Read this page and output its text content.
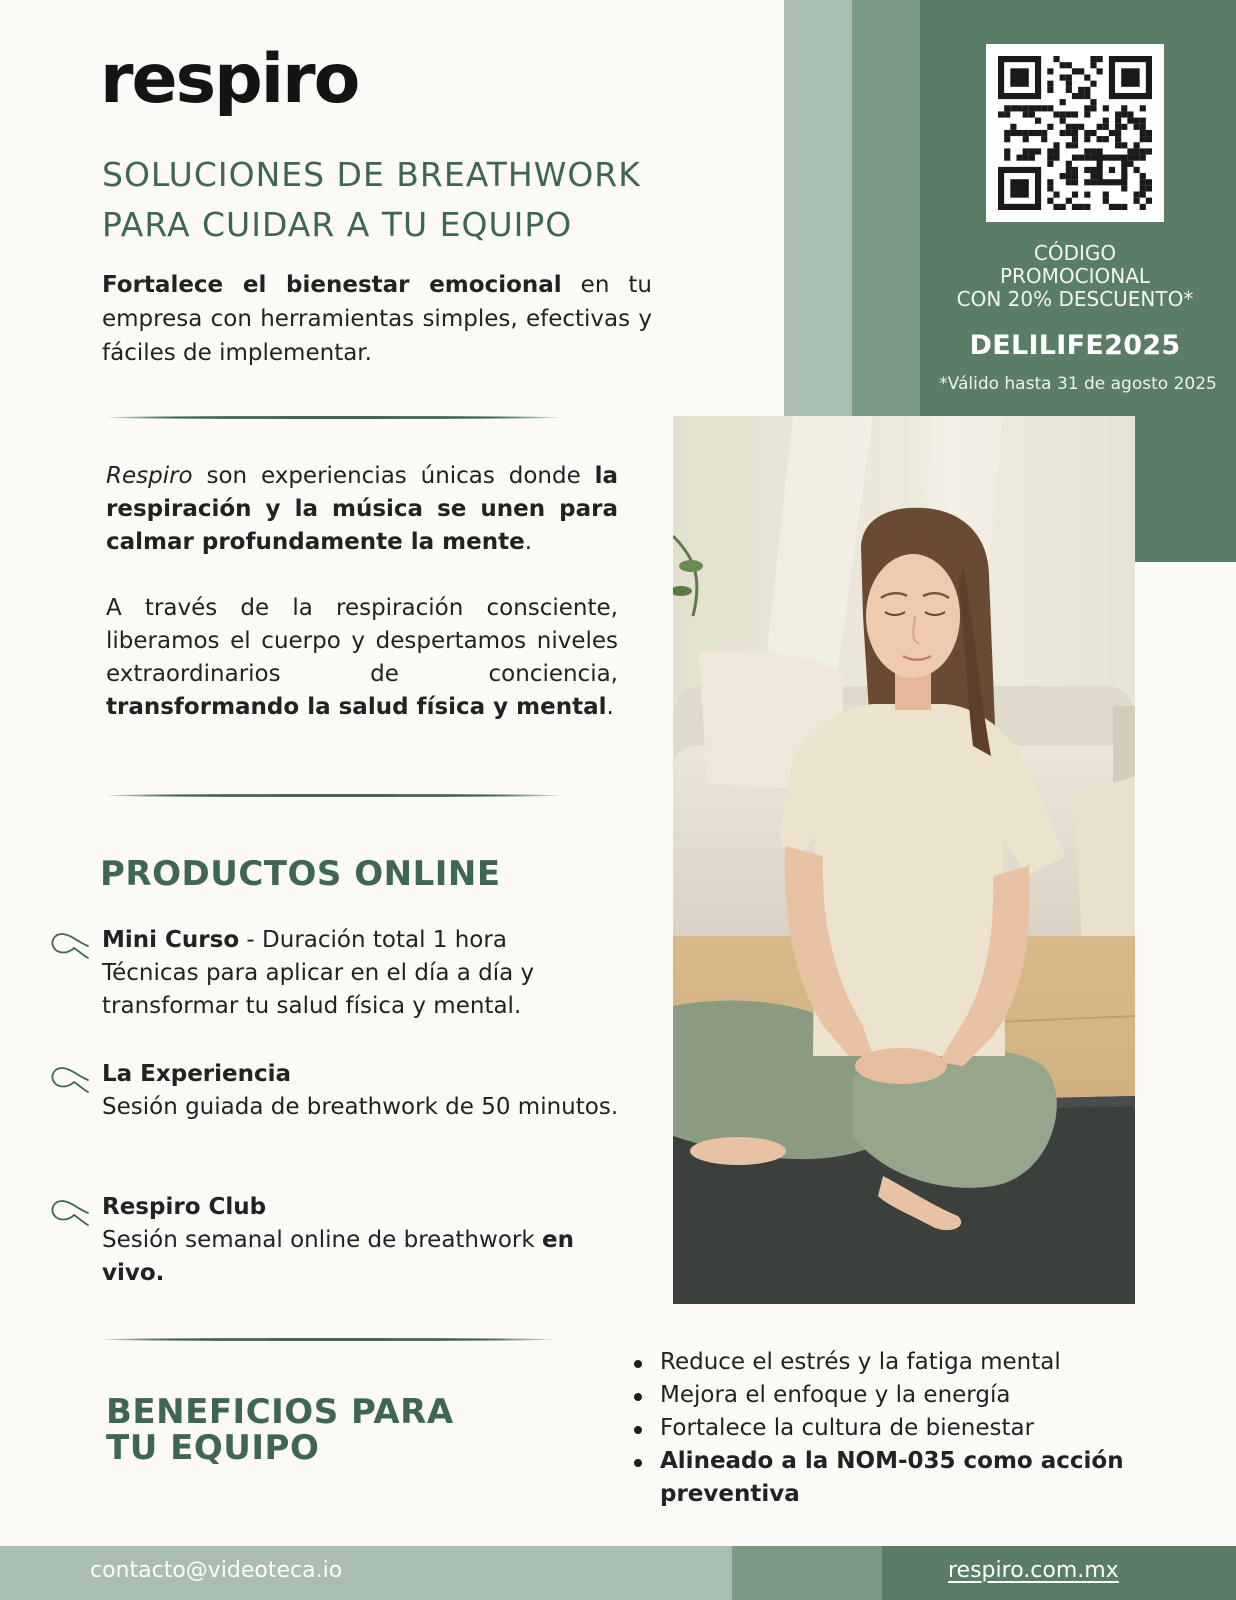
respiro
SOLUCIONES DE BREATHWORK
PARA CUIDAR A TU EQUIPO

Fortalece el bienestar emocional en tu empresa con herramientas simples, efectivas y fáciles de implementar.

Respiro son experiencias únicas donde la respiración y la música se unen para calmar profundamente la mente.

A través de la respiración consciente, liberamos el cuerpo y despertamos niveles extraordinarios de conciencia, transformando la salud física y mental.

PRODUCTOS ONLINE
Mini Curso - Duración total 1 hora
Técnicas para aplicar en el día a día y transformar tu salud física y mental.
La Experiencia
Sesión guiada de breathwork de 50 minutos.
Respiro Club
Sesión semanal online de breathwork en vivo.
BENEFICIOS PARA
TU EQUIPO
CÓDIGO
PROMOCIONAL
CON 20% DESCUENTO*
DELILIFE2025
*Válido hasta 31 de agosto 2025
Reduce el estrés y la fatiga mental
Mejora el enfoque y la energía
Fortalece la cultura de bienestar
Alineado a la NOM-035 como acción preventiva
contacto@videoteca.io	respiro.com.mx
